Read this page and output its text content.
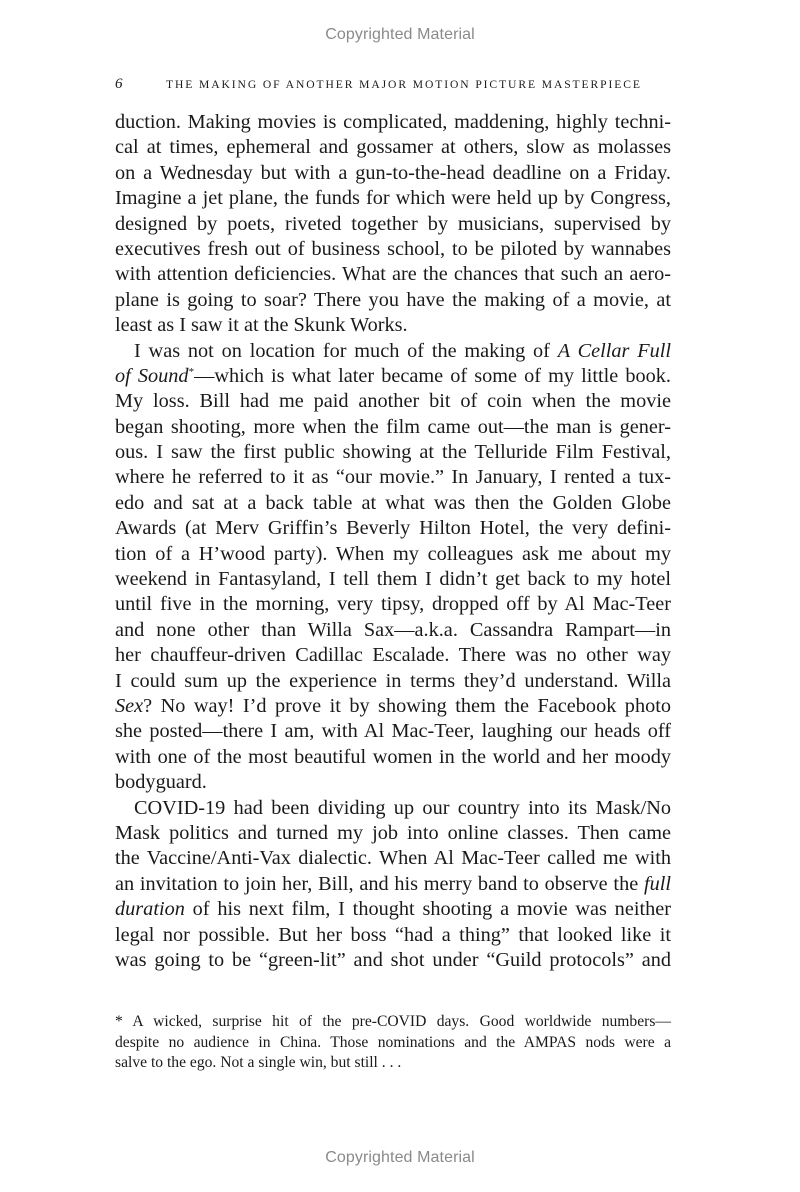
Copyrighted Material
6	THE MAKING OF ANOTHER MAJOR MOTION PICTURE MASTERPIECE
duction. Making movies is complicated, maddening, highly techni-
cal at times, ephemeral and gossamer at others, slow as molasses
on a Wednesday but with a gun-to-the-head deadline on a Friday.
Imagine a jet plane, the funds for which were held up by Congress,
designed by poets, riveted together by musicians, supervised by
executives fresh out of business school, to be piloted by wannabes
with attention deficiencies. What are the chances that such an aero-
plane is going to soar? There you have the making of a movie, at
least as I saw it at the Skunk Works.
I was not on location for much of the making of A Cellar Full
of Sound*—which is what later became of some of my little book.
My loss. Bill had me paid another bit of coin when the movie
began shooting, more when the film came out—the man is gener-
ous. I saw the first public showing at the Telluride Film Festival,
where he referred to it as “our movie.” In January, I rented a tux-
edo and sat at a back table at what was then the Golden Globe
Awards (at Merv Griffin’s Beverly Hilton Hotel, the very defini-
tion of a H’wood party). When my colleagues ask me about my
weekend in Fantasyland, I tell them I didn’t get back to my hotel
until five in the morning, very tipsy, dropped off by Al Mac-Teer
and none other than Willa Sax—a.k.a. Cassandra Rampart—in
her chauffeur-driven Cadillac Escalade. There was no other way
I could sum up the experience in terms they’d understand. Willa
Sex? No way! I’d prove it by showing them the Facebook photo
she posted—there I am, with Al Mac-Teer, laughing our heads off
with one of the most beautiful women in the world and her moody
bodyguard.
COVID-19 had been dividing up our country into its Mask/No
Mask politics and turned my job into online classes. Then came
the Vaccine/Anti-Vax dialectic. When Al Mac-Teer called me with
an invitation to join her, Bill, and his merry band to observe the full
duration of his next film, I thought shooting a movie was neither
legal nor possible. But her boss “had a thing” that looked like it
was going to be “green-lit” and shot under “Guild protocols” and
* A wicked, surprise hit of the pre-COVID days. Good worldwide numbers—
despite no audience in China. Those nominations and the AMPAS nods were a
salve to the ego. Not a single win, but still . . .
Copyrighted Material
